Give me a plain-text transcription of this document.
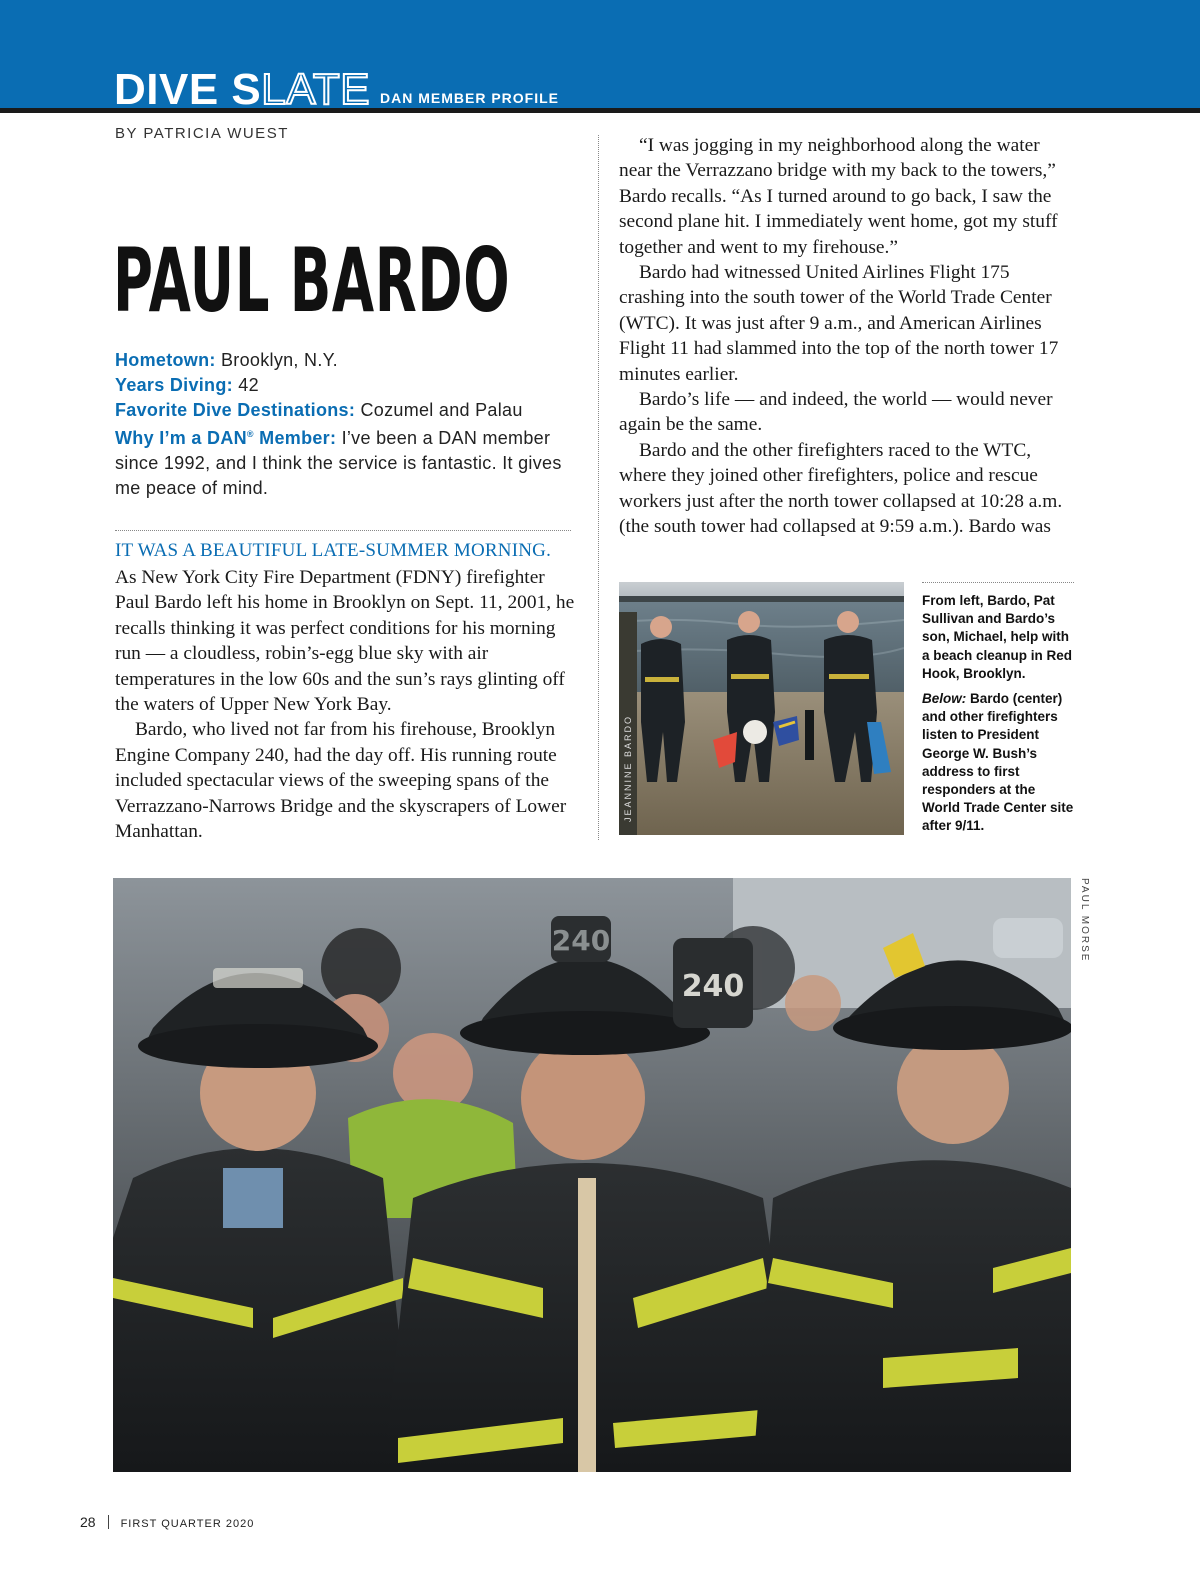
DIVE SLATE DAN MEMBER PROFILE
BY PATRICIA WUEST
PAUL BARDO
Hometown: Brooklyn, N.Y.
Years Diving: 42
Favorite Dive Destinations: Cozumel and Palau
Why I’m a DAN® Member: I’ve been a DAN member since 1992, and I think the service is fantastic. It gives me peace of mind.
IT WAS A BEAUTIFUL LATE-SUMMER MORNING.

As New York City Fire Department (FDNY) firefighter Paul Bardo left his home in Brooklyn on Sept. 11, 2001, he recalls thinking it was perfect conditions for his morning run — a cloudless, robin’s-egg blue sky with air temperatures in the low 60s and the sun’s rays glinting off the waters of Upper New York Bay.

Bardo, who lived not far from his firehouse, Brooklyn Engine Company 240, had the day off. His running route included spectacular views of the sweeping spans of the Verrazzano-Narrows Bridge and the skyscrapers of Lower Manhattan.

“I was jogging in my neighborhood along the water near the Verrazzano bridge with my back to the towers,” Bardo recalls. “As I turned around to go back, I saw the second plane hit. I immediately went home, got my stuff together and went to my firehouse.”

Bardo had witnessed United Airlines Flight 175 crashing into the south tower of the World Trade Center (WTC). It was just after 9 a.m., and American Airlines Flight 11 had slammed into the top of the north tower 17 minutes earlier.

Bardo’s life — and indeed, the world — would never again be the same.

Bardo and the other firefighters raced to the WTC, where they joined other firefighters, police and rescue workers just after the north tower collapsed at 10:28 a.m. (the south tower had collapsed at 9:59 a.m.). Bardo was

JEANNINE BARDO

From left, Bardo, Pat Sullivan and Bardo’s son, Michael, help with a beach cleanup in Red Hook, Brooklyn.

Below: Bardo (center) and other firefighters listen to President George W. Bush’s address to first responders at the World Trade Center site after 9/11.

240
240
PAUL MORSE
28 FIRST QUARTER 2020
